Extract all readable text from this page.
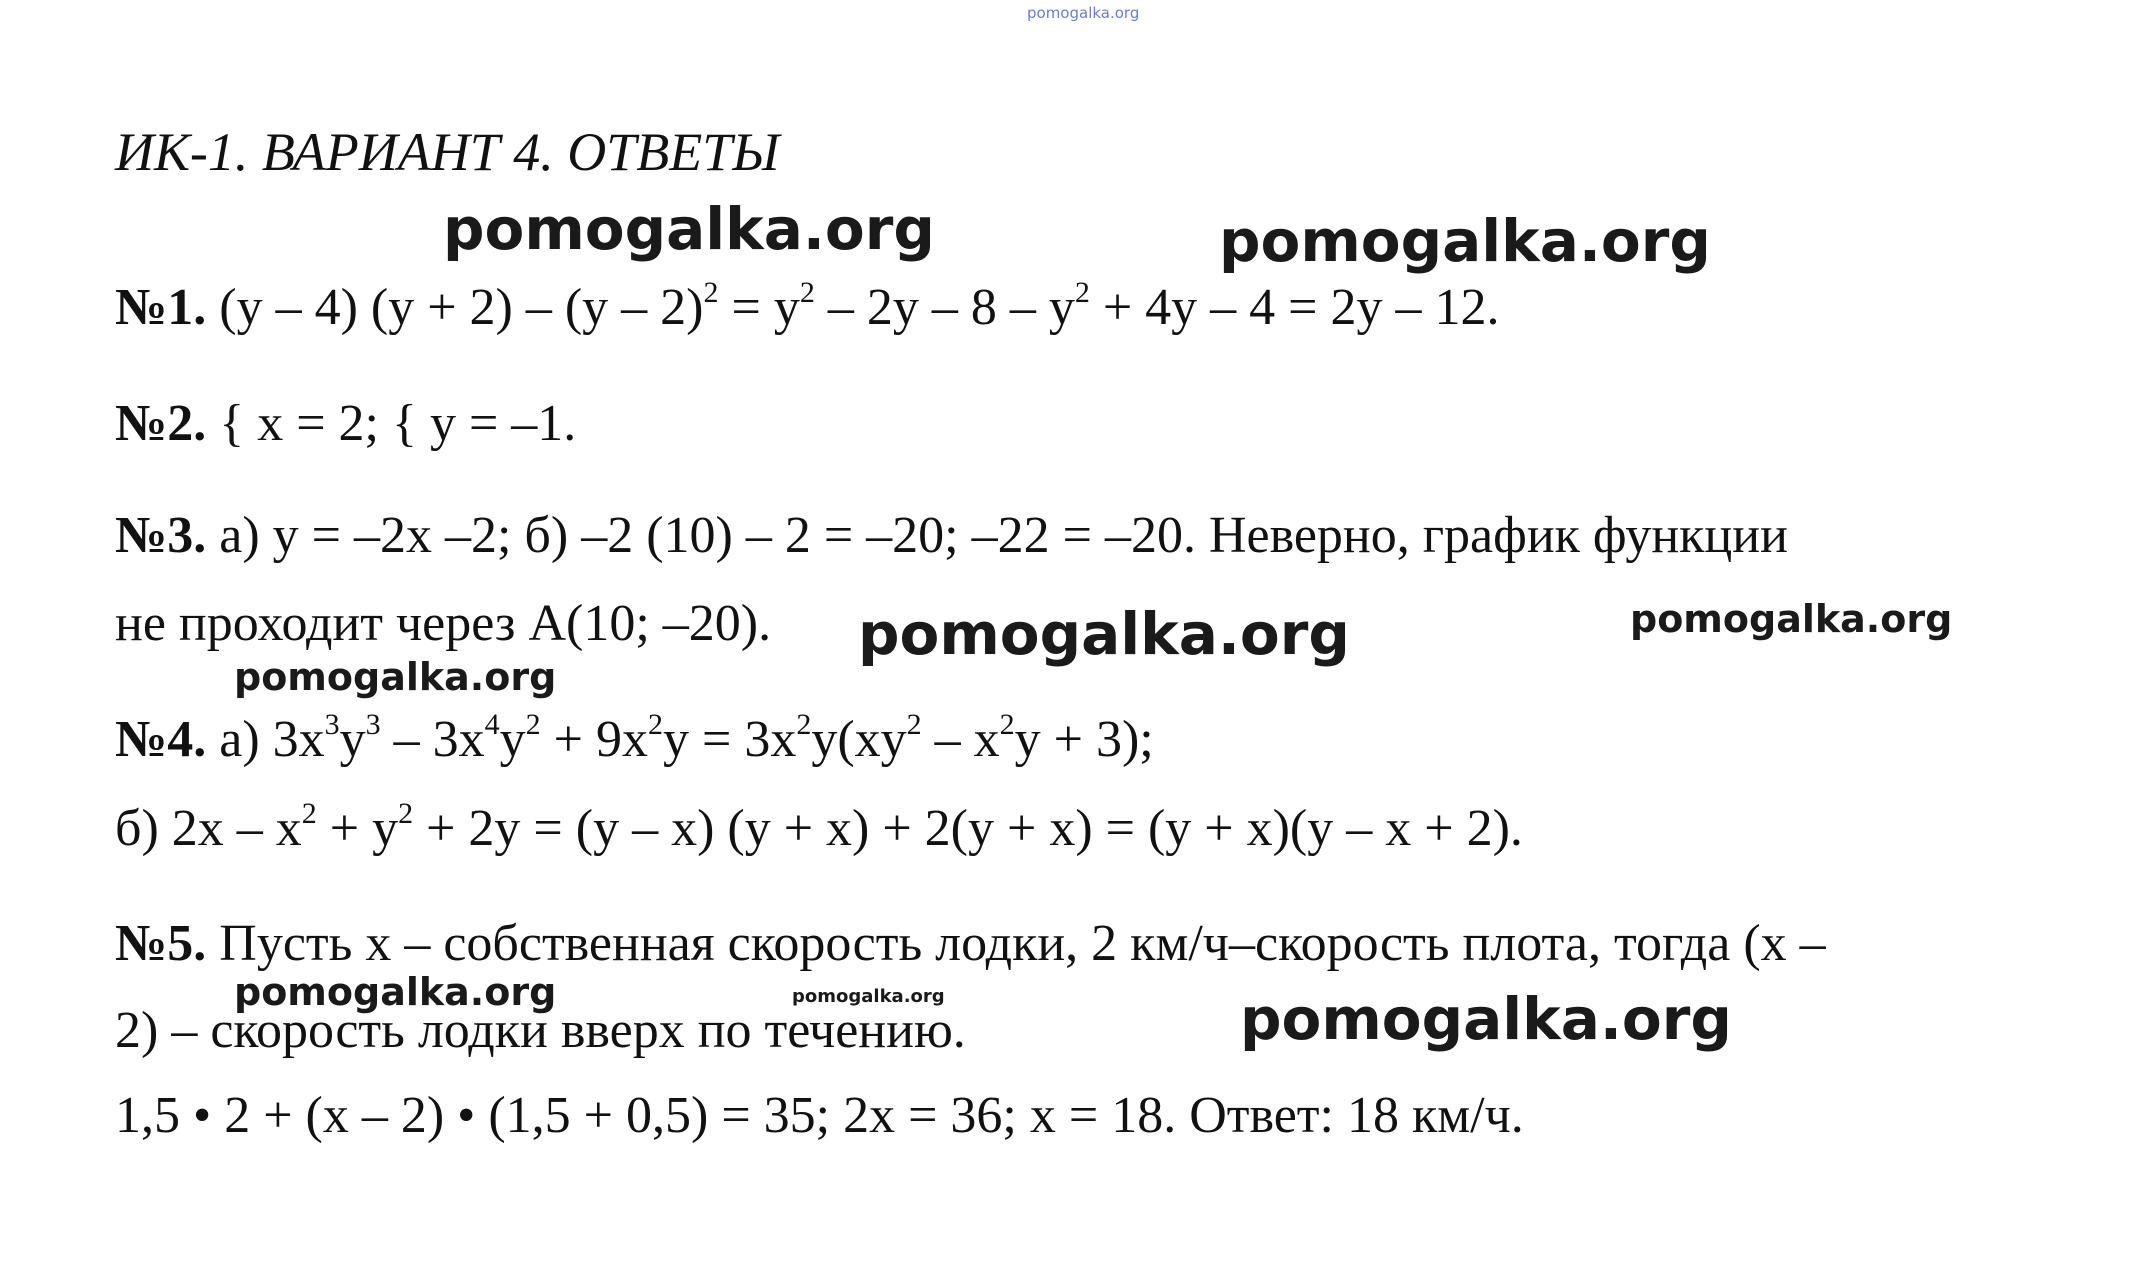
pomogalka.org
ИК-1. ВАРИАНТ 4. ОТВЕТЫ
№1. (y – 4) $(y + 2) - (y - 2)^2 = y^2 - 2y - 8 - y^2 + 4y - 4 = 2y - 12$.
№2. { x = 2; { y = –1.
№3. а) y = –2x –2; б) –2 (10) – 2 = –20; –22 = –20. Неверно, график функции
не проходит через A(10; –20).
№4. а) $3x^3y^3 - 3x^4y^2 + 9x^2y = 3x^2y(xy^2 - x^2y + 3)$;
б) $2x - x^2 + y^2 + 2y = (y - x) (y + x) + 2(y + x) = (y + x)(y - x + 2)$.
№5. Пусть x – собственная скорость лодки, 2 км/ч–скорость плота, тогда (x –
2) – скорость лодки вверх по течению.
1,5 • 2 + (x – 2) • (1,5 + 0,5) = 35; 2x = 36; x = 18. Ответ: 18 км/ч.
pomogalka.org	pomogalka.org
pomogalka.org	pomogalka.org
pomogalka.org
pomogalka.org	pomogalka.org	pomogalka.org
